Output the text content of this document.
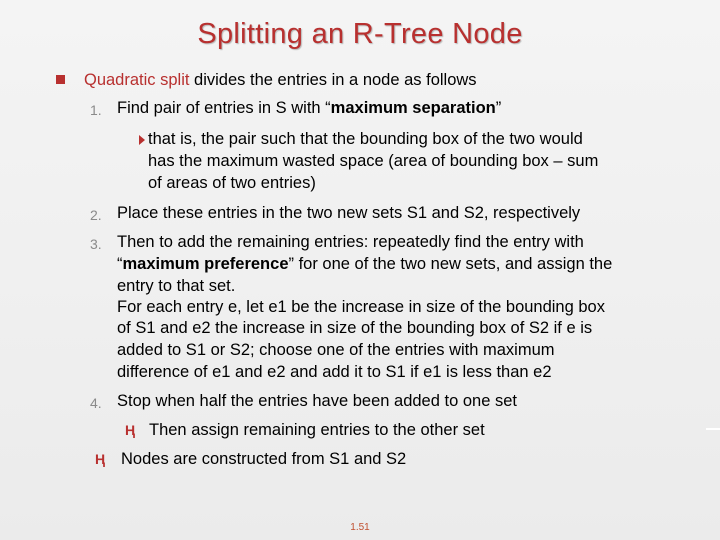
Splitting an R-Tree Node
Quadratic split divides the entries in a node as follows
1. Find pair of entries in S with “maximum separation”
that is, the pair such that the bounding box of the two would
has the maximum wasted space (area of bounding box – sum
of areas of two entries)
2. Place these entries in the two new sets S1 and S2, respectively
3. Then to add the remaining entries: repeatedly find the entry with
“maximum preference” for one of the two new sets, and assign the
entry to that set.
For each entry e, let e1 be the increase in size of the bounding box
of S1 and e2 the increase in size of the bounding box of S2 if e is
added to S1 or S2; choose one of the entries with maximum
difference of e1 and e2 and add it to S1 if e1 is less than e2
4. Stop when half the entries have been added to one set
Ⱨ Then assign remaining entries to the other set
Ⱨ Nodes are constructed from S1 and S2
1.51
